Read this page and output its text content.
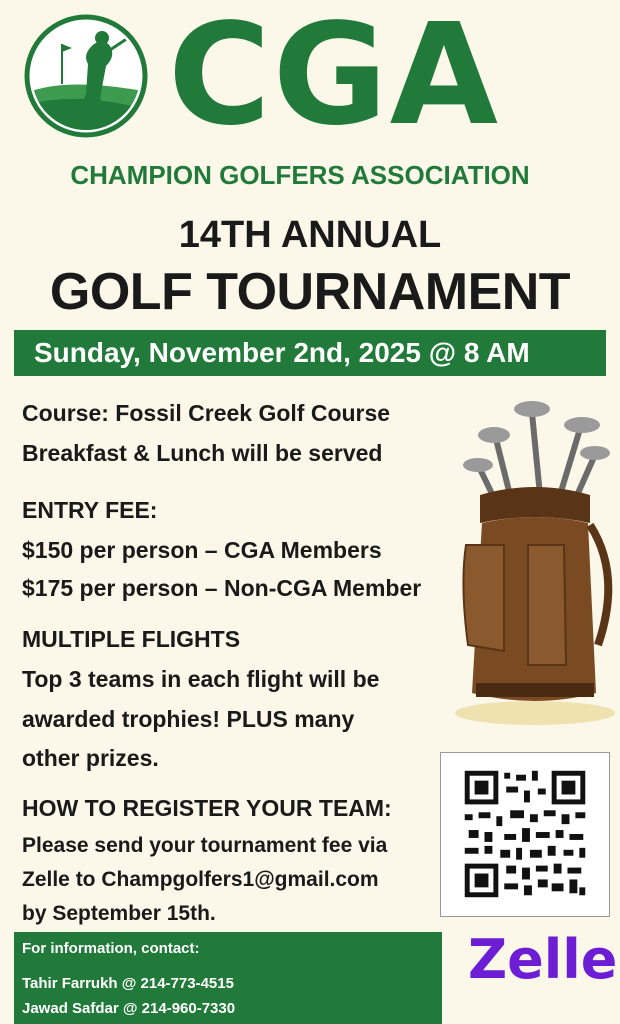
CGA
CHAMPION GOLFERS ASSOCIATION
14TH ANNUAL
GOLF TOURNAMENT
Sunday, November 2nd, 2025 @ 8 AM
Course: Fossil Creek Golf Course
Breakfast & Lunch will be served
ENTRY FEE:
$150 per person – CGA Members
$175 per person – Non-CGA Member
MULTIPLE FLIGHTS
Top 3 teams in each flight will be
awarded trophies! PLUS many
other prizes.
HOW TO REGISTER YOUR TEAM:
Please send your tournament fee via
Zelle to Champgolfers1@gmail.com
by September 15th.
For information, contact:
Tahir Farrukh @ 214-773-4515
Jawad Safdar @ 214-960-7330
Zelle
